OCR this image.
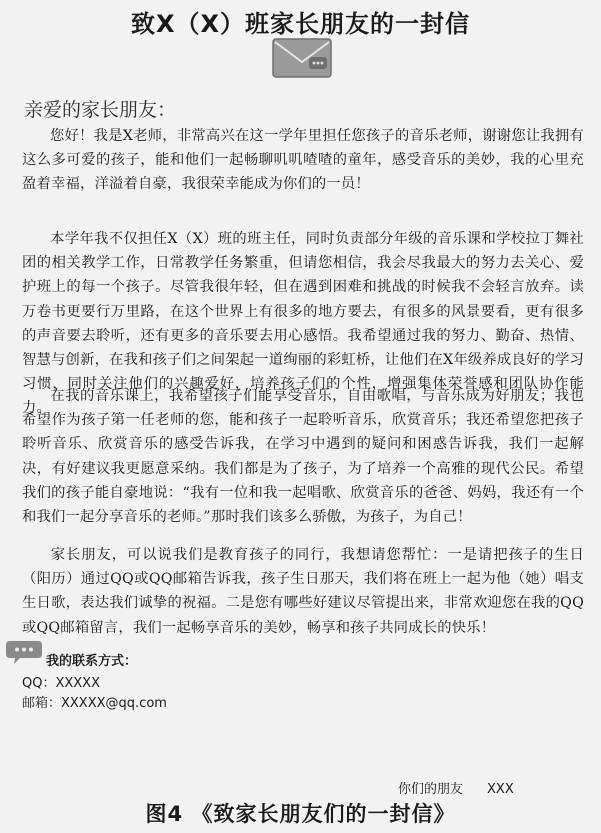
致X（X）班家长朋友的一封信
亲爱的家长朋友：
您好！我是X老师，非常高兴在这一学年里担任您孩子的音乐老师，谢谢您让我拥有这么多可爱的孩子，能和他们一起畅聊叽叽喳喳的童年，感受音乐的美妙，我的心里充盈着幸福，洋溢着自豪，我很荣幸能成为你们的一员！
本学年我不仅担任X（X）班的班主任，同时负责部分年级的音乐课和学校拉丁舞社团的相关教学工作，日常教学任务繁重，但请您相信，我会尽我最大的努力去关心、爱护班上的每一个孩子。尽管我很年轻，但在遇到困难和挑战的时候我不会轻言放弃。读万卷书更要行万里路，在这个世界上有很多的地方要去，有很多的风景要看，更有很多的声音要去聆听，还有更多的音乐要去用心感悟。我希望通过我的努力、勤奋、热情、智慧与创新，在我和孩子们之间架起一道绚丽的彩虹桥，让他们在X年级养成良好的学习习惯，同时关注他们的兴趣爱好，培养孩子们的个性，增强集体荣誉感和团队协作能力。
在我的音乐课上，我希望孩子们能享受音乐，自由歌唱，与音乐成为好朋友；我也希望作为孩子第一任老师的您，能和孩子一起聆听音乐，欣赏音乐；我还希望您把孩子聆听音乐、欣赏音乐的感受告诉我，在学习中遇到的疑问和困惑告诉我，我们一起解决，有好建议我更愿意采纳。我们都是为了孩子，为了培养一个高雅的现代公民。希望我们的孩子能自豪地说：“我有一位和我一起唱歌、欣赏音乐的爸爸、妈妈，我还有一个和我们一起分享音乐的老师。”那时我们该多么骄傲，为孩子，为自己！
家长朋友，可以说我们是教育孩子的同行，我想请您帮忙：一是请把孩子的生日（阳历）通过QQ或QQ邮箱告诉我，孩子生日那天，我们将在班上一起为他（她）唱支生日歌，表达我们诚挚的祝福。二是您有哪些好建议尽管提出来，非常欢迎您在我的QQ或QQ邮箱留言，我们一起畅享音乐的美妙，畅享和孩子共同成长的快乐！
我的联系方式：
QQ：XXXXX
邮箱：XXXXX@qq.com
你们的朋友 XXX
图4 《致家长朋友们的一封信》
